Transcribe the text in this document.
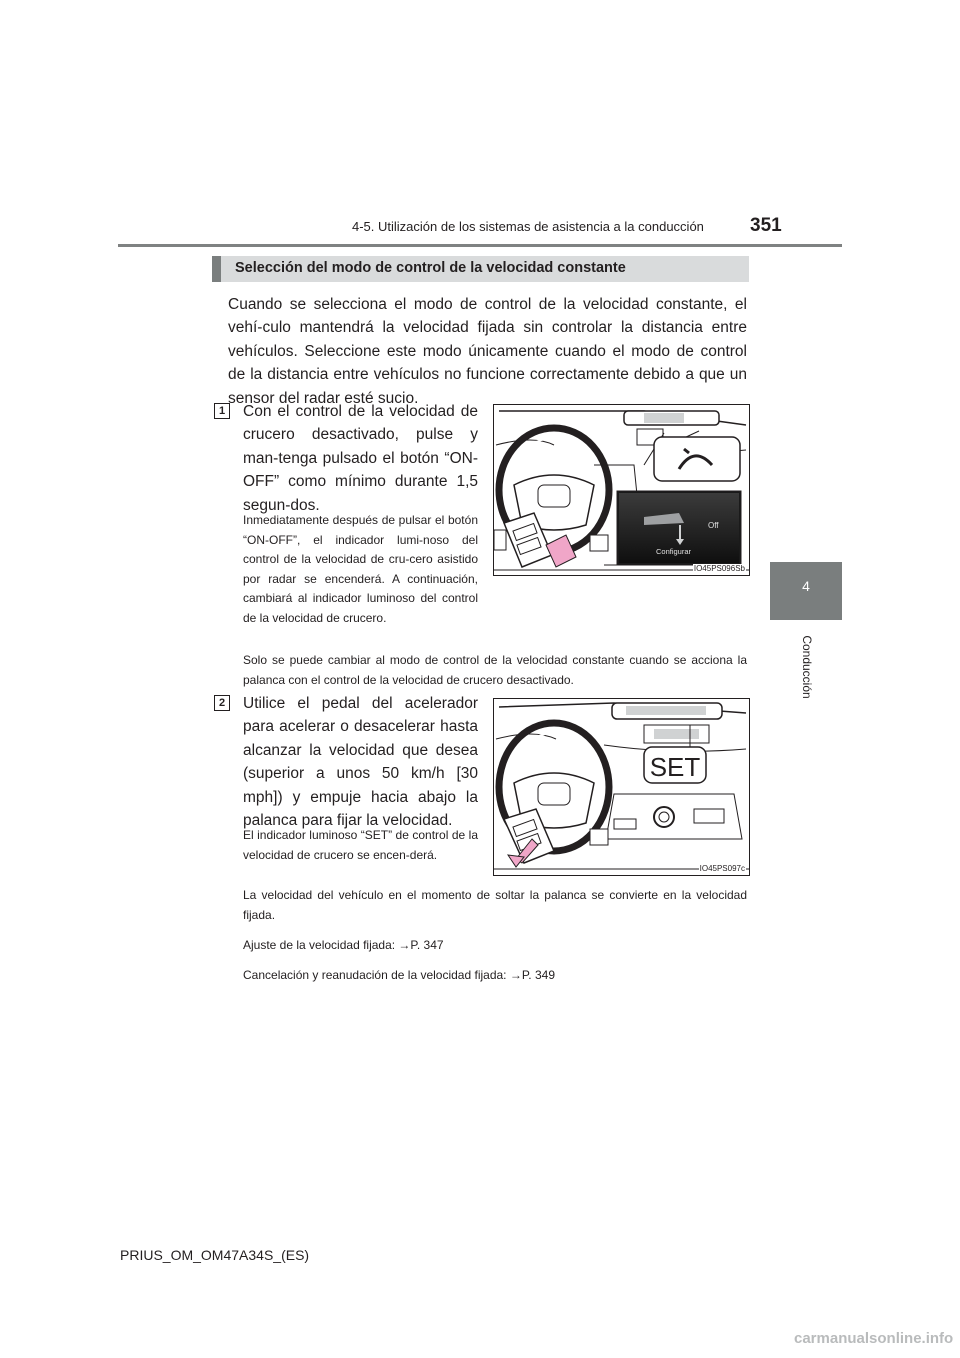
4-5. Utilización de los sistemas de asistencia a la conducción 351
4
Conducción
Selección del modo de control de la velocidad constante
Cuando se selecciona el modo de control de la velocidad constante, el vehí-culo mantendrá la velocidad fijada sin controlar la distancia entre vehículos. Seleccione este modo únicamente cuando el modo de control de la distancia entre vehículos no funcione correctamente debido a que un sensor del radar esté sucio.
1	Con el control de la velocidad de crucero desactivado, pulse y man-tenga pulsado el botón “ON-OFF” como mínimo durante 1,5 segun-dos.
Inmediatamente después de pulsar el botón “ON-OFF”, el indicador lumi-noso del control de la velocidad de cru-cero asistido por radar se encenderá. A continuación, cambiará al indicador luminoso del control de la velocidad de crucero.
Solo se puede cambiar al modo de control de la velocidad constante cuando se acciona la palanca con el control de la velocidad de crucero desactivado.
Off
Configurar
IO45PS096Sb
2	Utilice el pedal del acelerador para acelerar o desacelerar hasta alcanzar la velocidad que desea (superior a unos 50 km/h [30 mph]) y empuje hacia abajo la palanca para fijar la velocidad.
El indicador luminoso “SET” de control de la velocidad de crucero se encen-derá.
La velocidad del vehículo en el momento de soltar la palanca se convierte en la velocidad fijada.
Ajuste de la velocidad fijada: →P. 347
Cancelación y reanudación de la velocidad fijada: →P. 349
SET
IO45PS097c
PRIUS_OM_OM47A34S_(ES)
carmanualsonline.info
